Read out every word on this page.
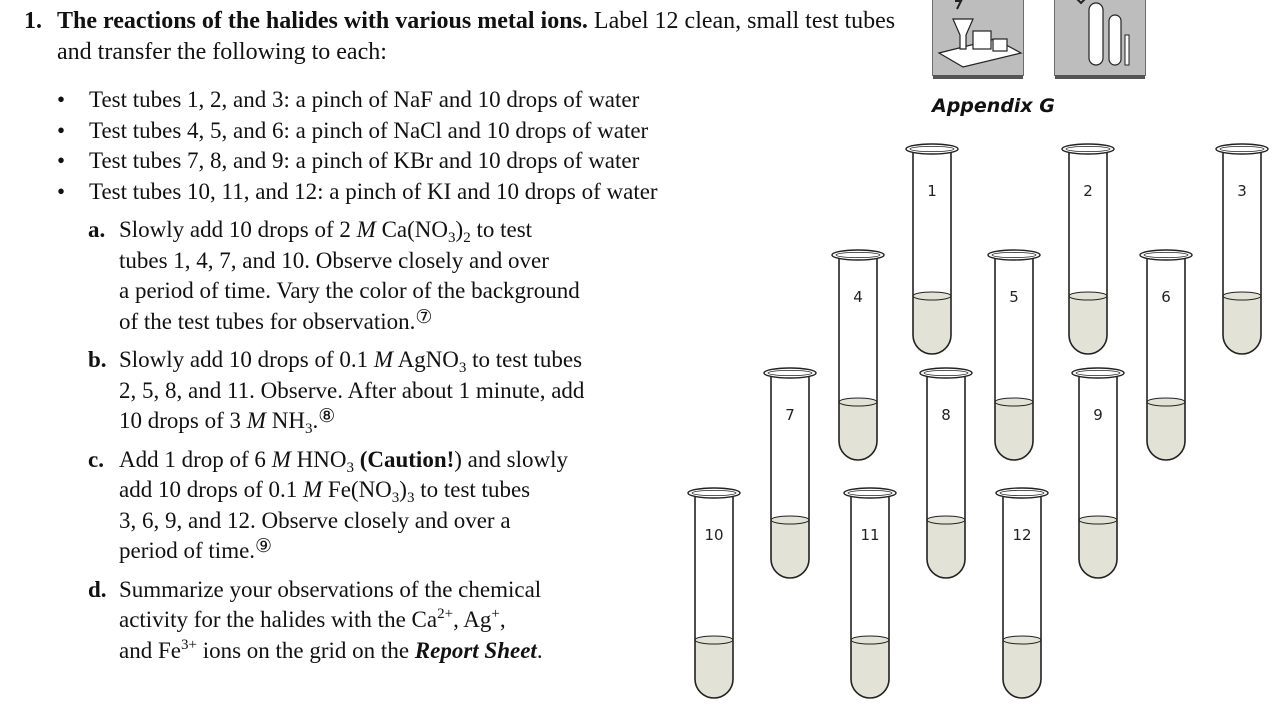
1. The reactions of the halides with various metal ions. Label 12 clean, small test tubes and transfer the following to each:
• Test tubes 1, 2, and 3: a pinch of NaF and 10 drops of water
• Test tubes 4, 5, and 6: a pinch of NaCl and 10 drops of water
• Test tubes 7, 8, and 9: a pinch of KBr and 10 drops of water
• Test tubes 10, 11, and 12: a pinch of KI and 10 drops of water
a. Slowly add 10 drops of 2 M $Ca(NO_3)_2$ to test
tubes 1, 4, 7, and 10. Observe closely and over
a period of time. Vary the color of the background
of the test tubes for observation.⑦
b. Slowly add 10 drops of 0.1 M AgNO$_3$ to test tubes
2, 5, 8, and 11. Observe. After about 1 minute, add
10 drops of 3 M $NH_3.^⑧$
c. Add 1 drop of 6 M $HNO_3$ (Caution!) and slowly
add 10 drops of 0.1 M $Fe(NO_3)_3$ to test tubes
3, 6, 9, and 12. Observe closely and over a
period of time.⑨
d. Summarize your observations of the chemical
activity for the halides with the $Ca^{2+}$, Ag+,
and $Fe^{3+}$ ions on the grid on the Report Sheet.
Appendix G
1	2	3
4	5	6
7	8	9
10	11	12
